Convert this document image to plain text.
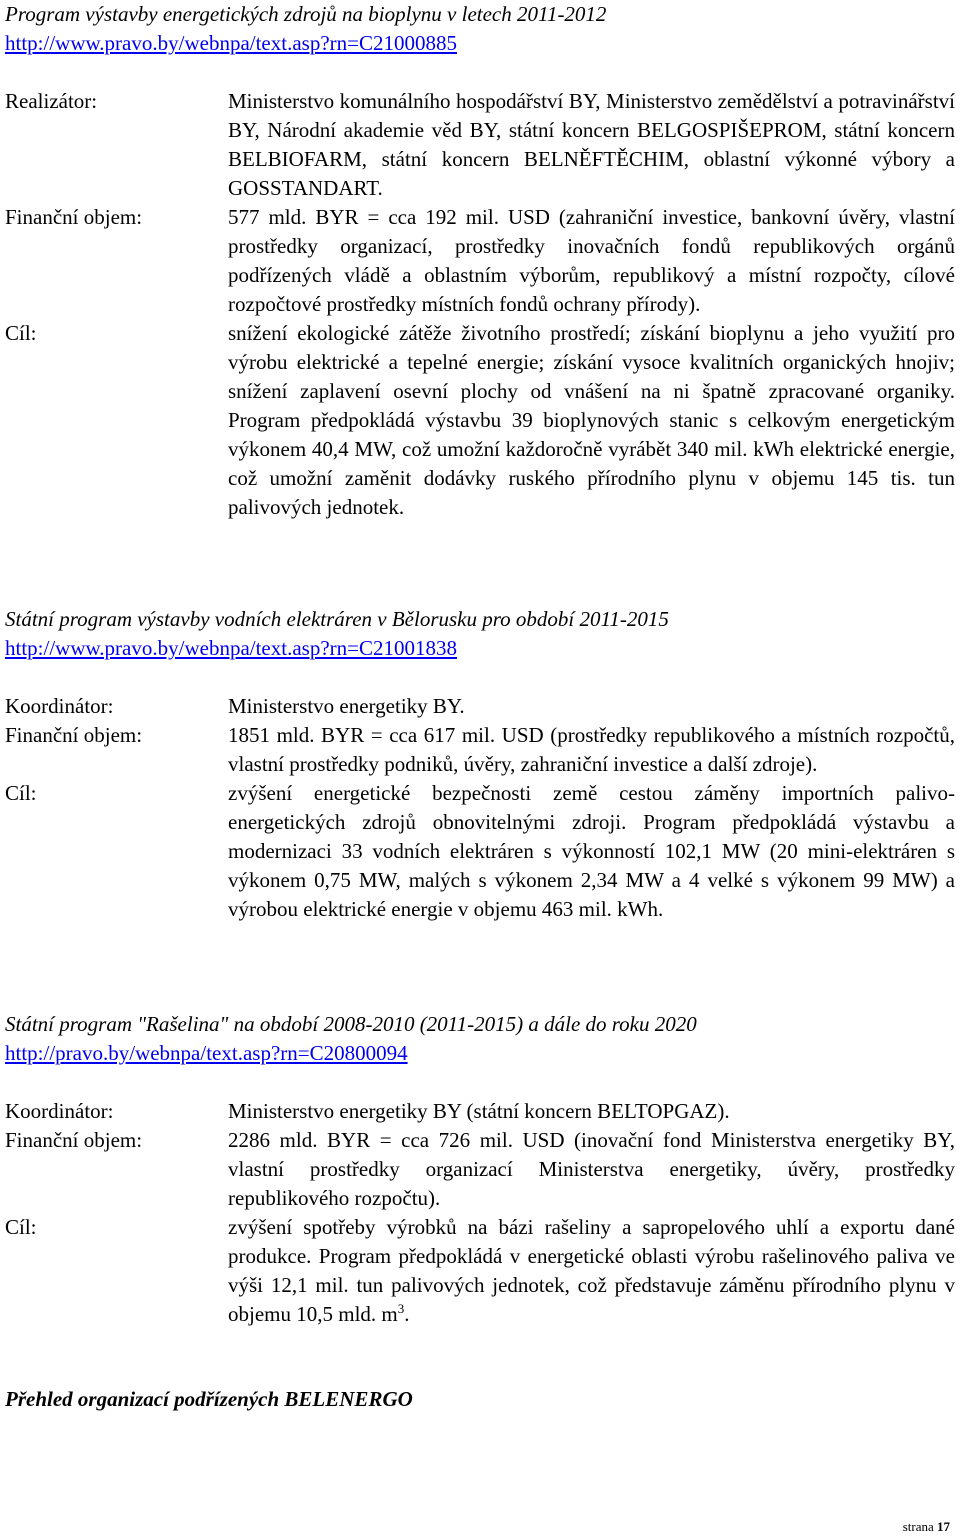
Program výstavby energetických zdrojů na bioplynu v letech 2011-2012
http://www.pravo.by/webnpa/text.asp?rn=C21000885
Realizátor:	Ministerstvo komunálního hospodářství BY, Ministerstvo zemědělství a potravinářství BY, Národní akademie věd BY, státní koncern BELGOSPIŠEPROM, státní koncern BELBIOFARM, státní koncern BELNĚFTĚCHIM, oblastní výkonné výbory a GOSSTANDART.
Finanční objem:	577 mld. BYR = cca 192 mil. USD (zahraniční investice, bankovní úvěry, vlastní prostředky organizací, prostředky inovačních fondů republikových orgánů podřízených vládě a oblastním výborům, republikový a místní rozpočty, cílové rozpočtové prostředky místních fondů ochrany přírody).
Cíl:	snížení ekologické zátěže životního prostředí; získání bioplynu a jeho využití pro výrobu elektrické a tepelné energie; získání vysoce kvalitních organických hnojiv; snížení zaplavení osevní plochy od vnášení na ni špatně zpracované organiky. Program předpokládá výstavbu 39 bioplynových stanic s celkovým energetickým výkonem 40,4 MW, což umožní každoročně vyrábět 340 mil. kWh elektrické energie, což umožní zaměnit dodávky ruského přírodního plynu v objemu 145 tis. tun palivových jednotek.
Státní program výstavby vodních elektráren v Bělorusku pro období 2011-2015
http://www.pravo.by/webnpa/text.asp?rn=C21001838
Koordinátor:	Ministerstvo energetiky BY.
Finanční objem:	1851 mld. BYR = cca 617 mil. USD (prostředky republikového a místních rozpočtů, vlastní prostředky podniků, úvěry, zahraniční investice a další zdroje).
Cíl:	zvýšení energetické bezpečnosti země cestou záměny importních palivo-energetických zdrojů obnovitelnými zdroji. Program předpokládá výstavbu a modernizaci 33 vodních elektráren s výkonností 102,1 MW (20 mini-elektráren s výkonem 0,75 MW, malých s výkonem 2,34 MW a 4 velké s výkonem 99 MW) a výrobou elektrické energie v objemu 463 mil. kWh.
Státní program "Rašelina" na období 2008-2010 (2011-2015) a dále do roku 2020
http://pravo.by/webnpa/text.asp?rn=C20800094
Koordinátor:	Ministerstvo energetiky BY (státní koncern BELTOPGAZ).
Finanční objem:	2286 mld. BYR = cca 726 mil. USD (inovační fond Ministerstva energetiky BY, vlastní prostředky organizací Ministerstva energetiky, úvěry, prostředky republikového rozpočtu).
Cíl:	zvýšení spotřeby výrobků na bázi rašeliny a sapropelového uhlí a exportu dané produkce. Program předpokládá v energetické oblasti výrobu rašelinového paliva ve výši 12,1 mil. tun palivových jednotek, což představuje záměnu přírodního plynu v objemu 10,5 mld. $m^3$.
Přehled organizací podřízených BELENERGO
strana 17
